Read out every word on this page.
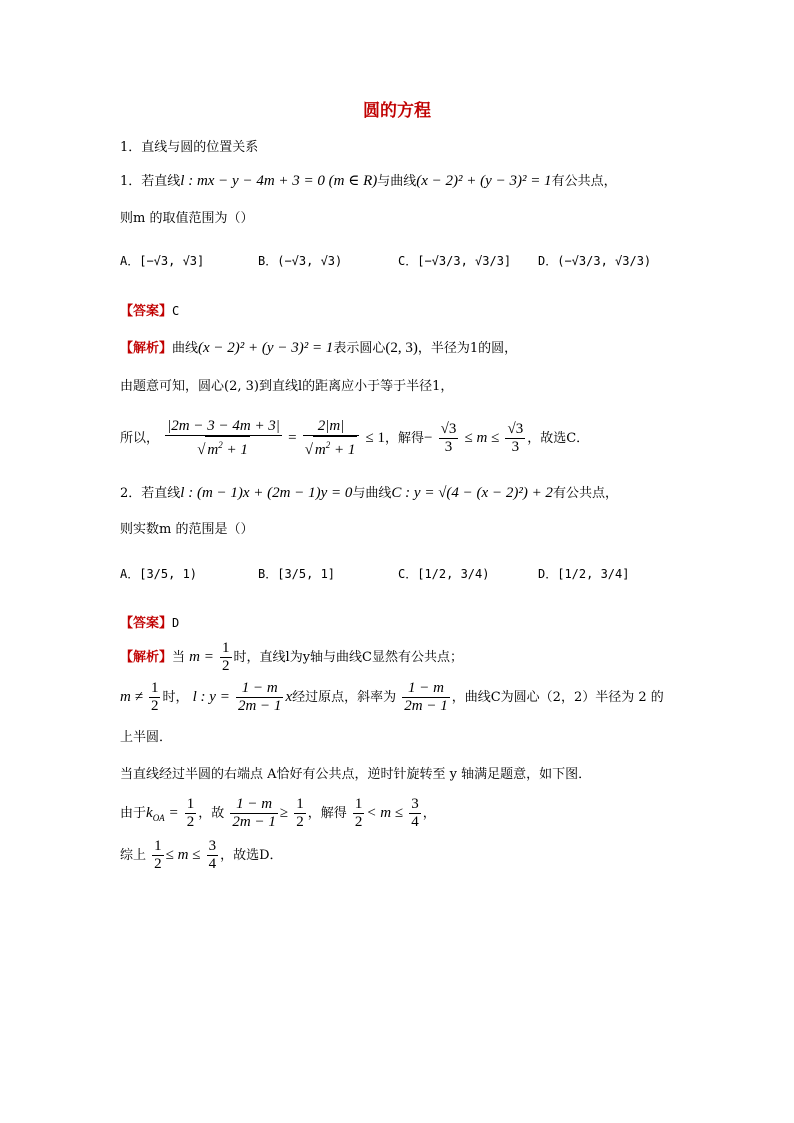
圆的方程
1．直线与圆的位置关系
1．若直线l : mx − y − 4m + 3 = 0 (m ∈ R)与曲线(x − 2)² + (y − 3)² = 1有公共点，
则m 的取值范围为（）
A．[−√3, √3]	B．(−√3, √3)	C．[−√3/3, √3/3] D．(−√3/3, √3/3)
【答案】C
【解析】曲线(x − 2)² + (y − 3)² = 1表示圆心(2, 3)，半径为1的圆，
由题意可知，圆心(2, 3)到直线l的距离应小于等于半径1，
所以， $\frac{|2m - 3 - 4m + 3|}{√ m^2 + 1} = \frac{2|m|}{√ m^2 + 1} \le 1$，解得− $\frac{√3}{3} \le m \le \frac{√3}{3}$ ，故选C．
2．若直线l : (m − 1)x + (2m − 1)y = 0与曲线C : y = √(4 − (x − 2)²) + 2有公共点，
则实数m 的范围是（）
A．[3/5, 1)	B．[3/5, 1]	C．[1/2, 3/4)	D．[1/2, 3/4]
【答案】D
【解析】当 $m = \frac{1}{2}$ 时，直线l为y轴与曲线C显然有公共点；
$m \ne \frac{1}{2}$ 时， l : $y = \frac{1 - m}{2m - 1}$ x经过原点，斜率为 $\frac{1 - m}{2m - 1}$ ，曲线C为圆心（2，2）半径为 2 的
上半圆．
当直线经过半圆的右端点 A恰好有公共点，逆时针旋转至 y 轴满足题意，如下图．
由于$k_{OA} = \frac{1}{2}$ ，故 $\frac{1 - m}{2m - 1} \ge \frac{1}{2}$ ，解得 $\frac{1}{2} < m \le \frac{3}{4}$ ，
综上 $\frac{1}{2} \le m \le \frac{3}{4}$ ，故选D．
